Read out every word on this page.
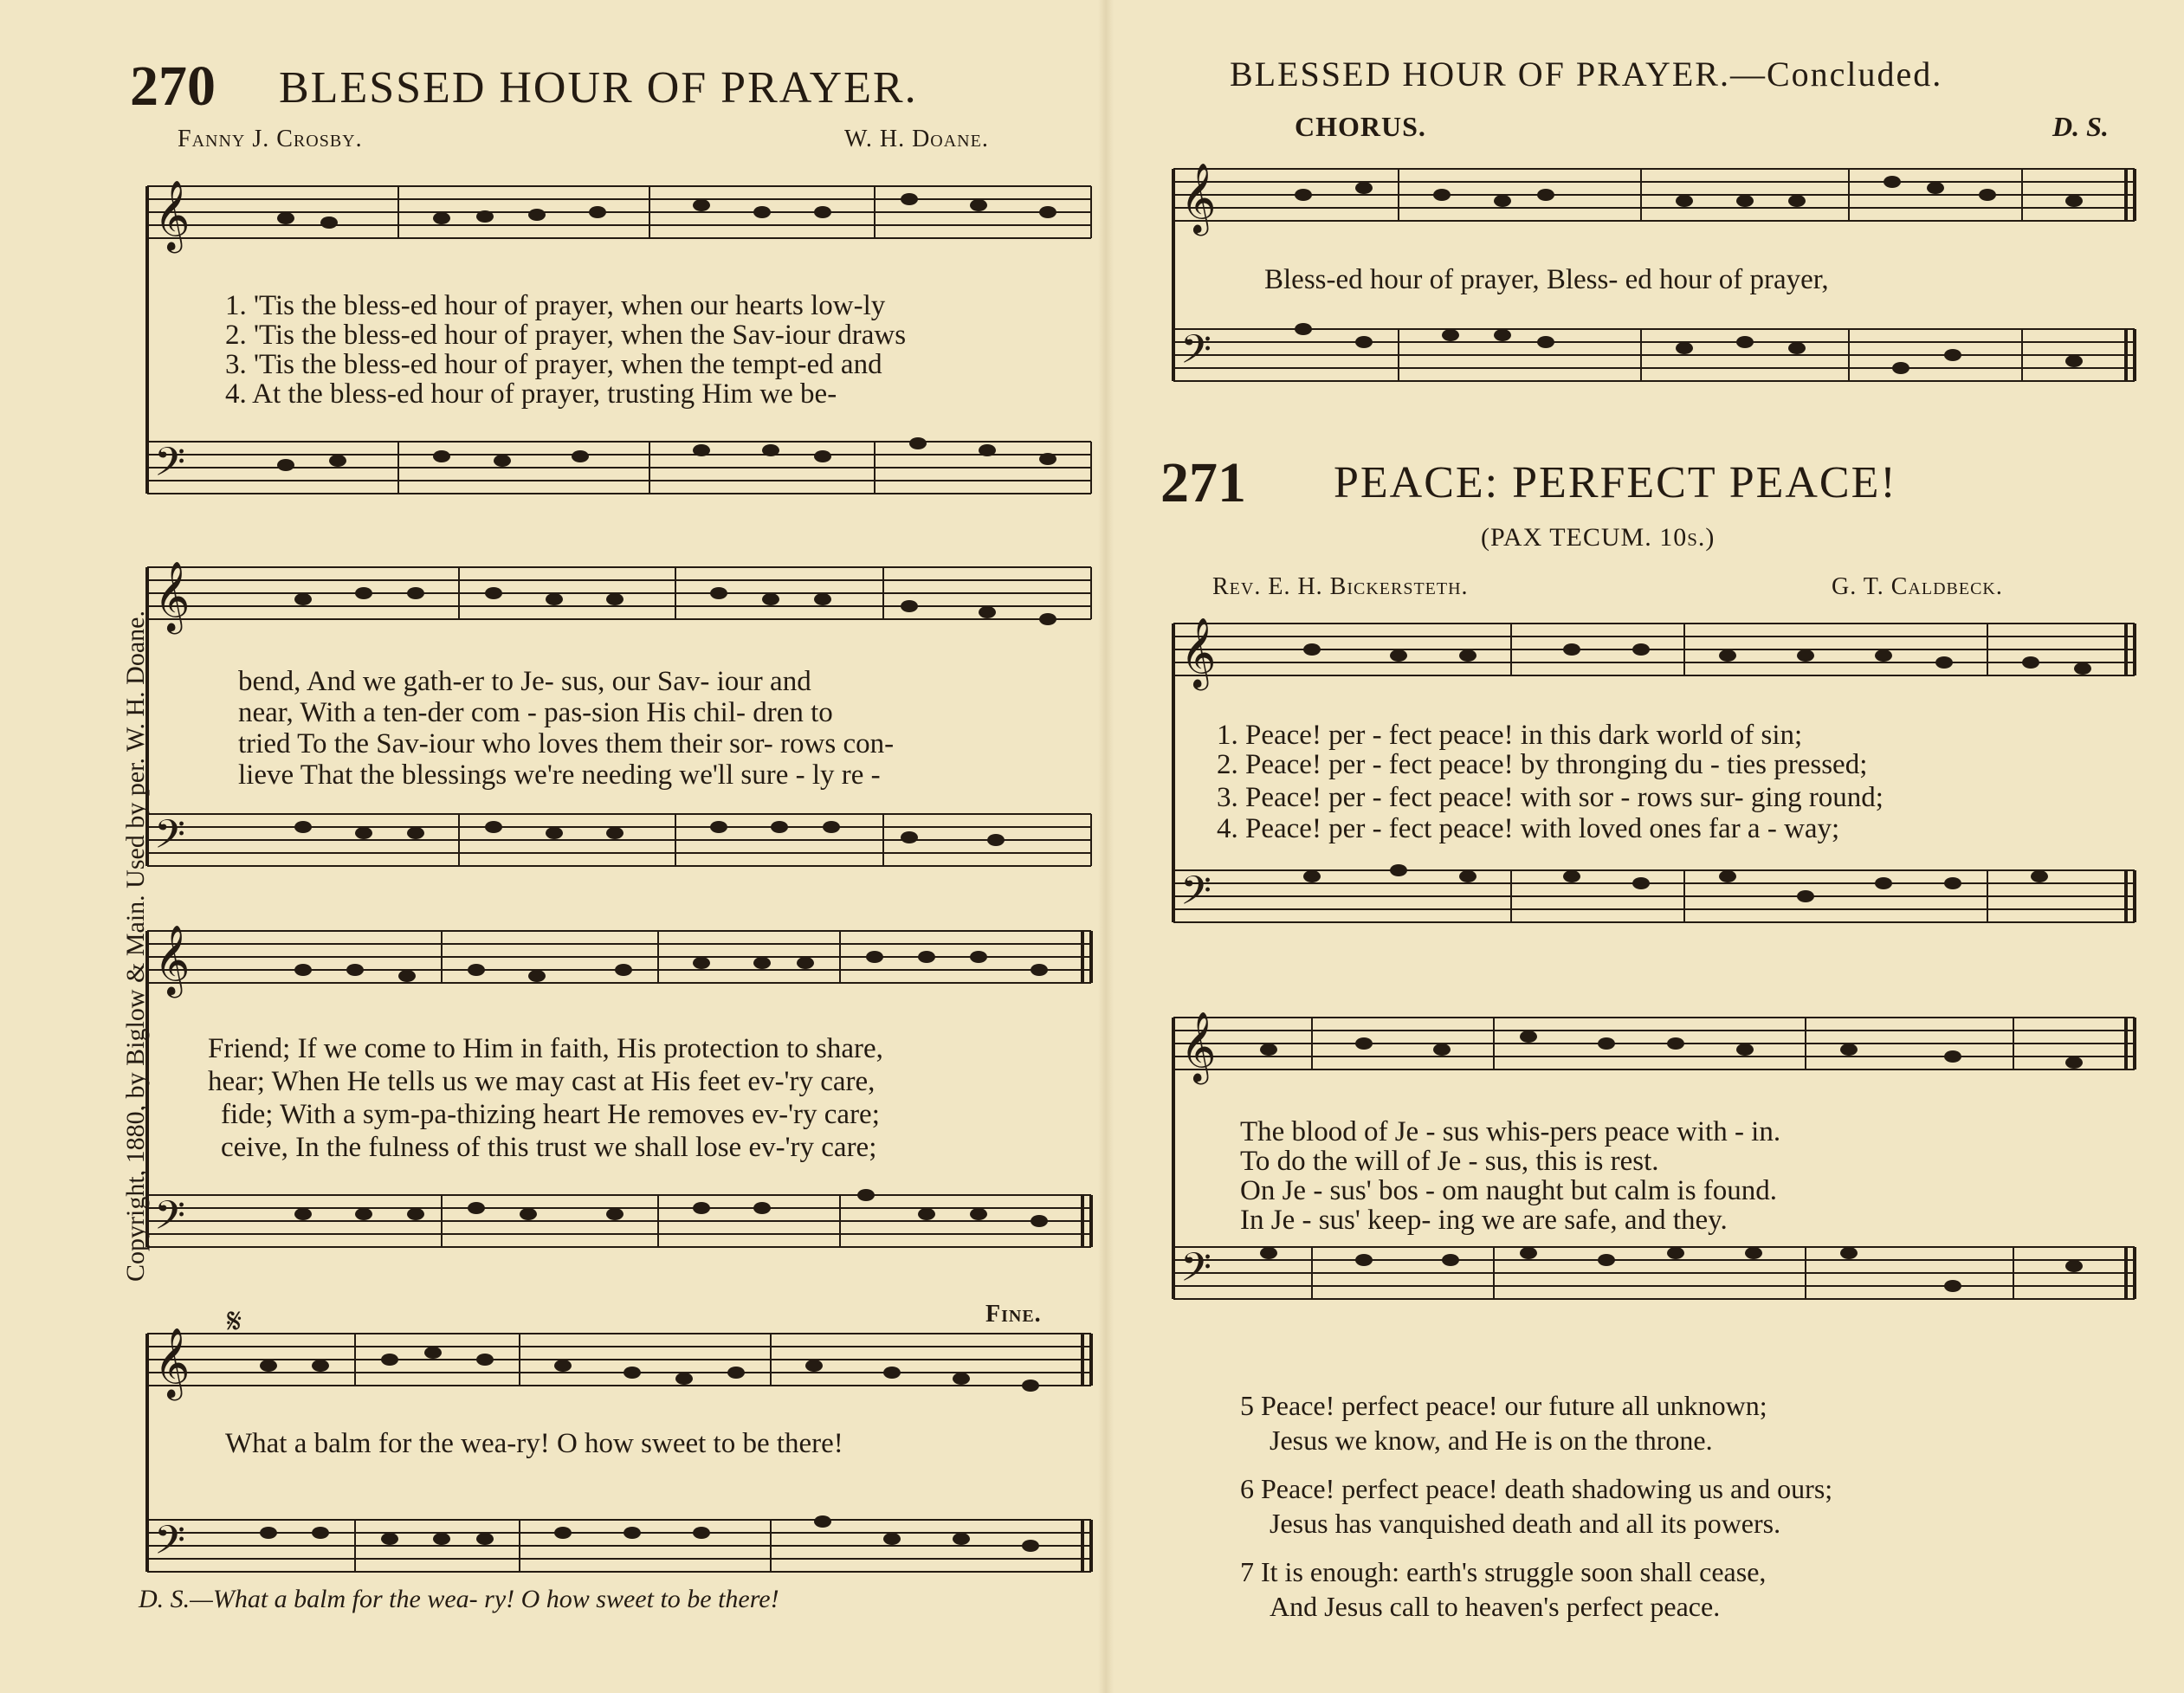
270 BLESSED HOUR OF PRAYER.
Fanny J. Crosby.	W. H. Doane.
Copyright, 1880, by Biglow & Main. Used by per. W. H. Doane.
𝄞
𝄢
1. 'Tis the bless-ed hour of prayer, when our hearts low-ly
2. 'Tis the bless-ed hour of prayer, when the Sav-iour draws
3. 'Tis the bless-ed hour of prayer, when the tempt-ed and
4. At the bless-ed hour of prayer, trusting Him we be-
𝄞
𝄢
bend, And we gath-er to Je- sus, our Sav- iour and
near, With a ten-der com - pas-sion His chil- dren to
tried To the Sav-iour who loves them their sor- rows con-
lieve That the blessings we're needing we'll sure - ly re -
𝄞
𝄢
Friend; If we come to Him in faith, His protection to share,
hear; When He tells us we may cast at His feet ev-'ry care,
fide; With a sym-pa-thizing heart He removes ev-'ry care;
ceive, In the fulness of this trust we shall lose ev-'ry care;
𝄋	Fine.
𝄞
𝄢
What a balm for the wea-ry! O how sweet to be there!
D. S.—What a balm for the wea- ry! O how sweet to be there!
BLESSED HOUR OF PRAYER.—Concluded.
CHORUS.	D. S.
𝄞
𝄢
Bless-ed hour of prayer, Bless- ed hour of prayer,
271 PEACE: PERFECT PEACE!
(PAX TECUM. 10s.)
Rev. E. H. Bickersteth.	G. T. Caldbeck.
𝄞
𝄢
1. Peace! per - fect peace! in this dark world of sin;
2. Peace! per - fect peace! by thronging du - ties pressed;
3. Peace! per - fect peace! with sor - rows sur- ging round;
4. Peace! per - fect peace! with loved ones far a - way;
𝄞
𝄢
The blood of Je - sus whis-pers peace with - in.
To do the will of Je - sus, this is rest.
On Je - sus' bos - om naught but calm is found.
In Je - sus' keep- ing we are safe, and they.
5 Peace! perfect peace! our future all unknown;
Jesus we know, and He is on the throne.
6 Peace! perfect peace! death shadowing us and ours;
Jesus has vanquished death and all its powers.
7 It is enough: earth's struggle soon shall cease,
And Jesus call to heaven's perfect peace.
